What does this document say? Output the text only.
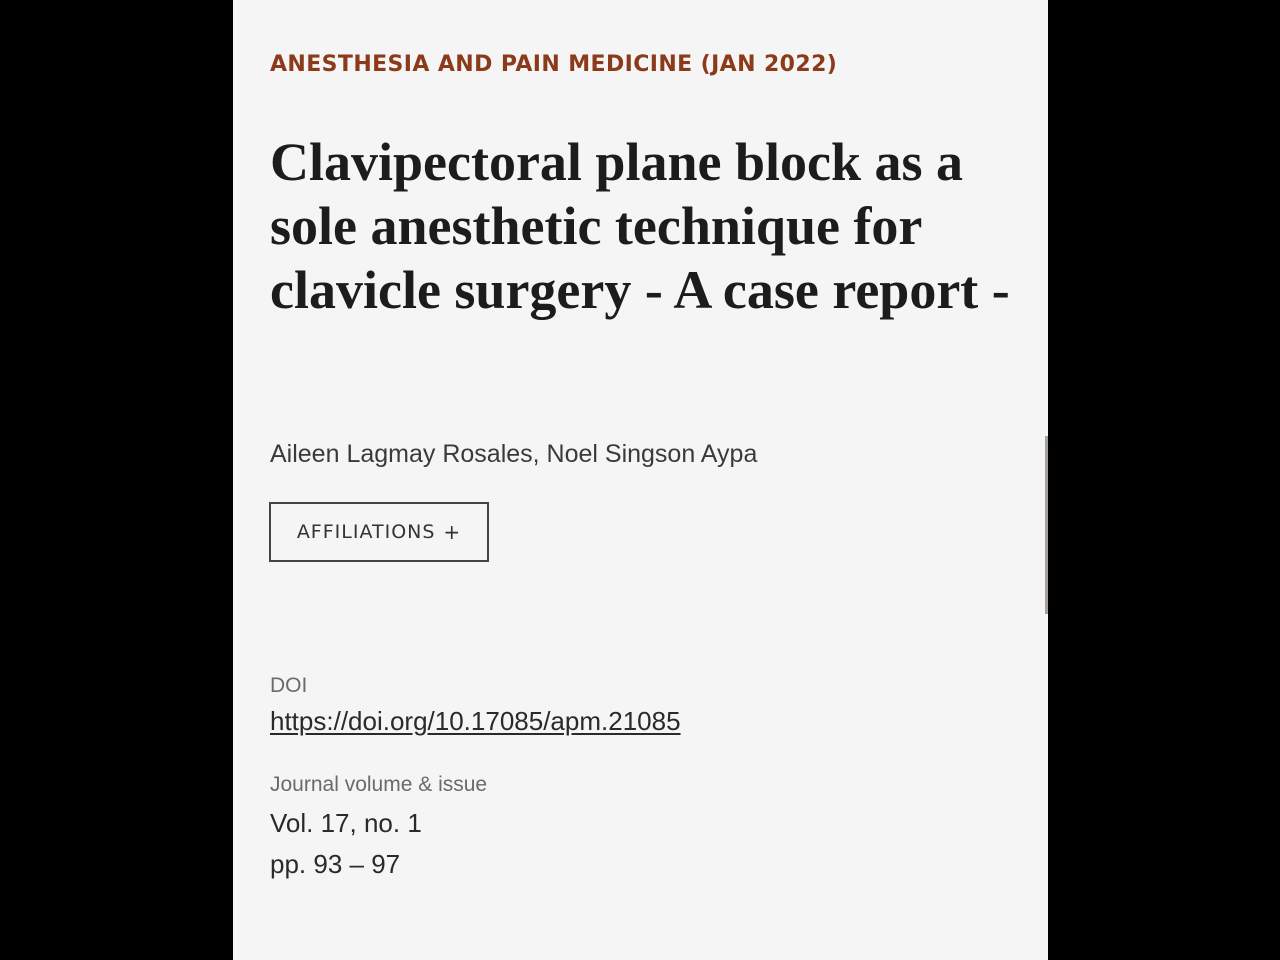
ANESTHESIA AND PAIN MEDICINE (JAN 2022)

Clavipectoral plane block as a sole anesthetic technique for clavicle surgery - A case report -

Aileen Lagmay Rosales, Noel Singson Aypa

AFFILIATIONS +

DOI

https://doi.org/10.17085/apm.21085

Journal volume & issue

Vol. 17, no. 1

pp. 93 – 97
